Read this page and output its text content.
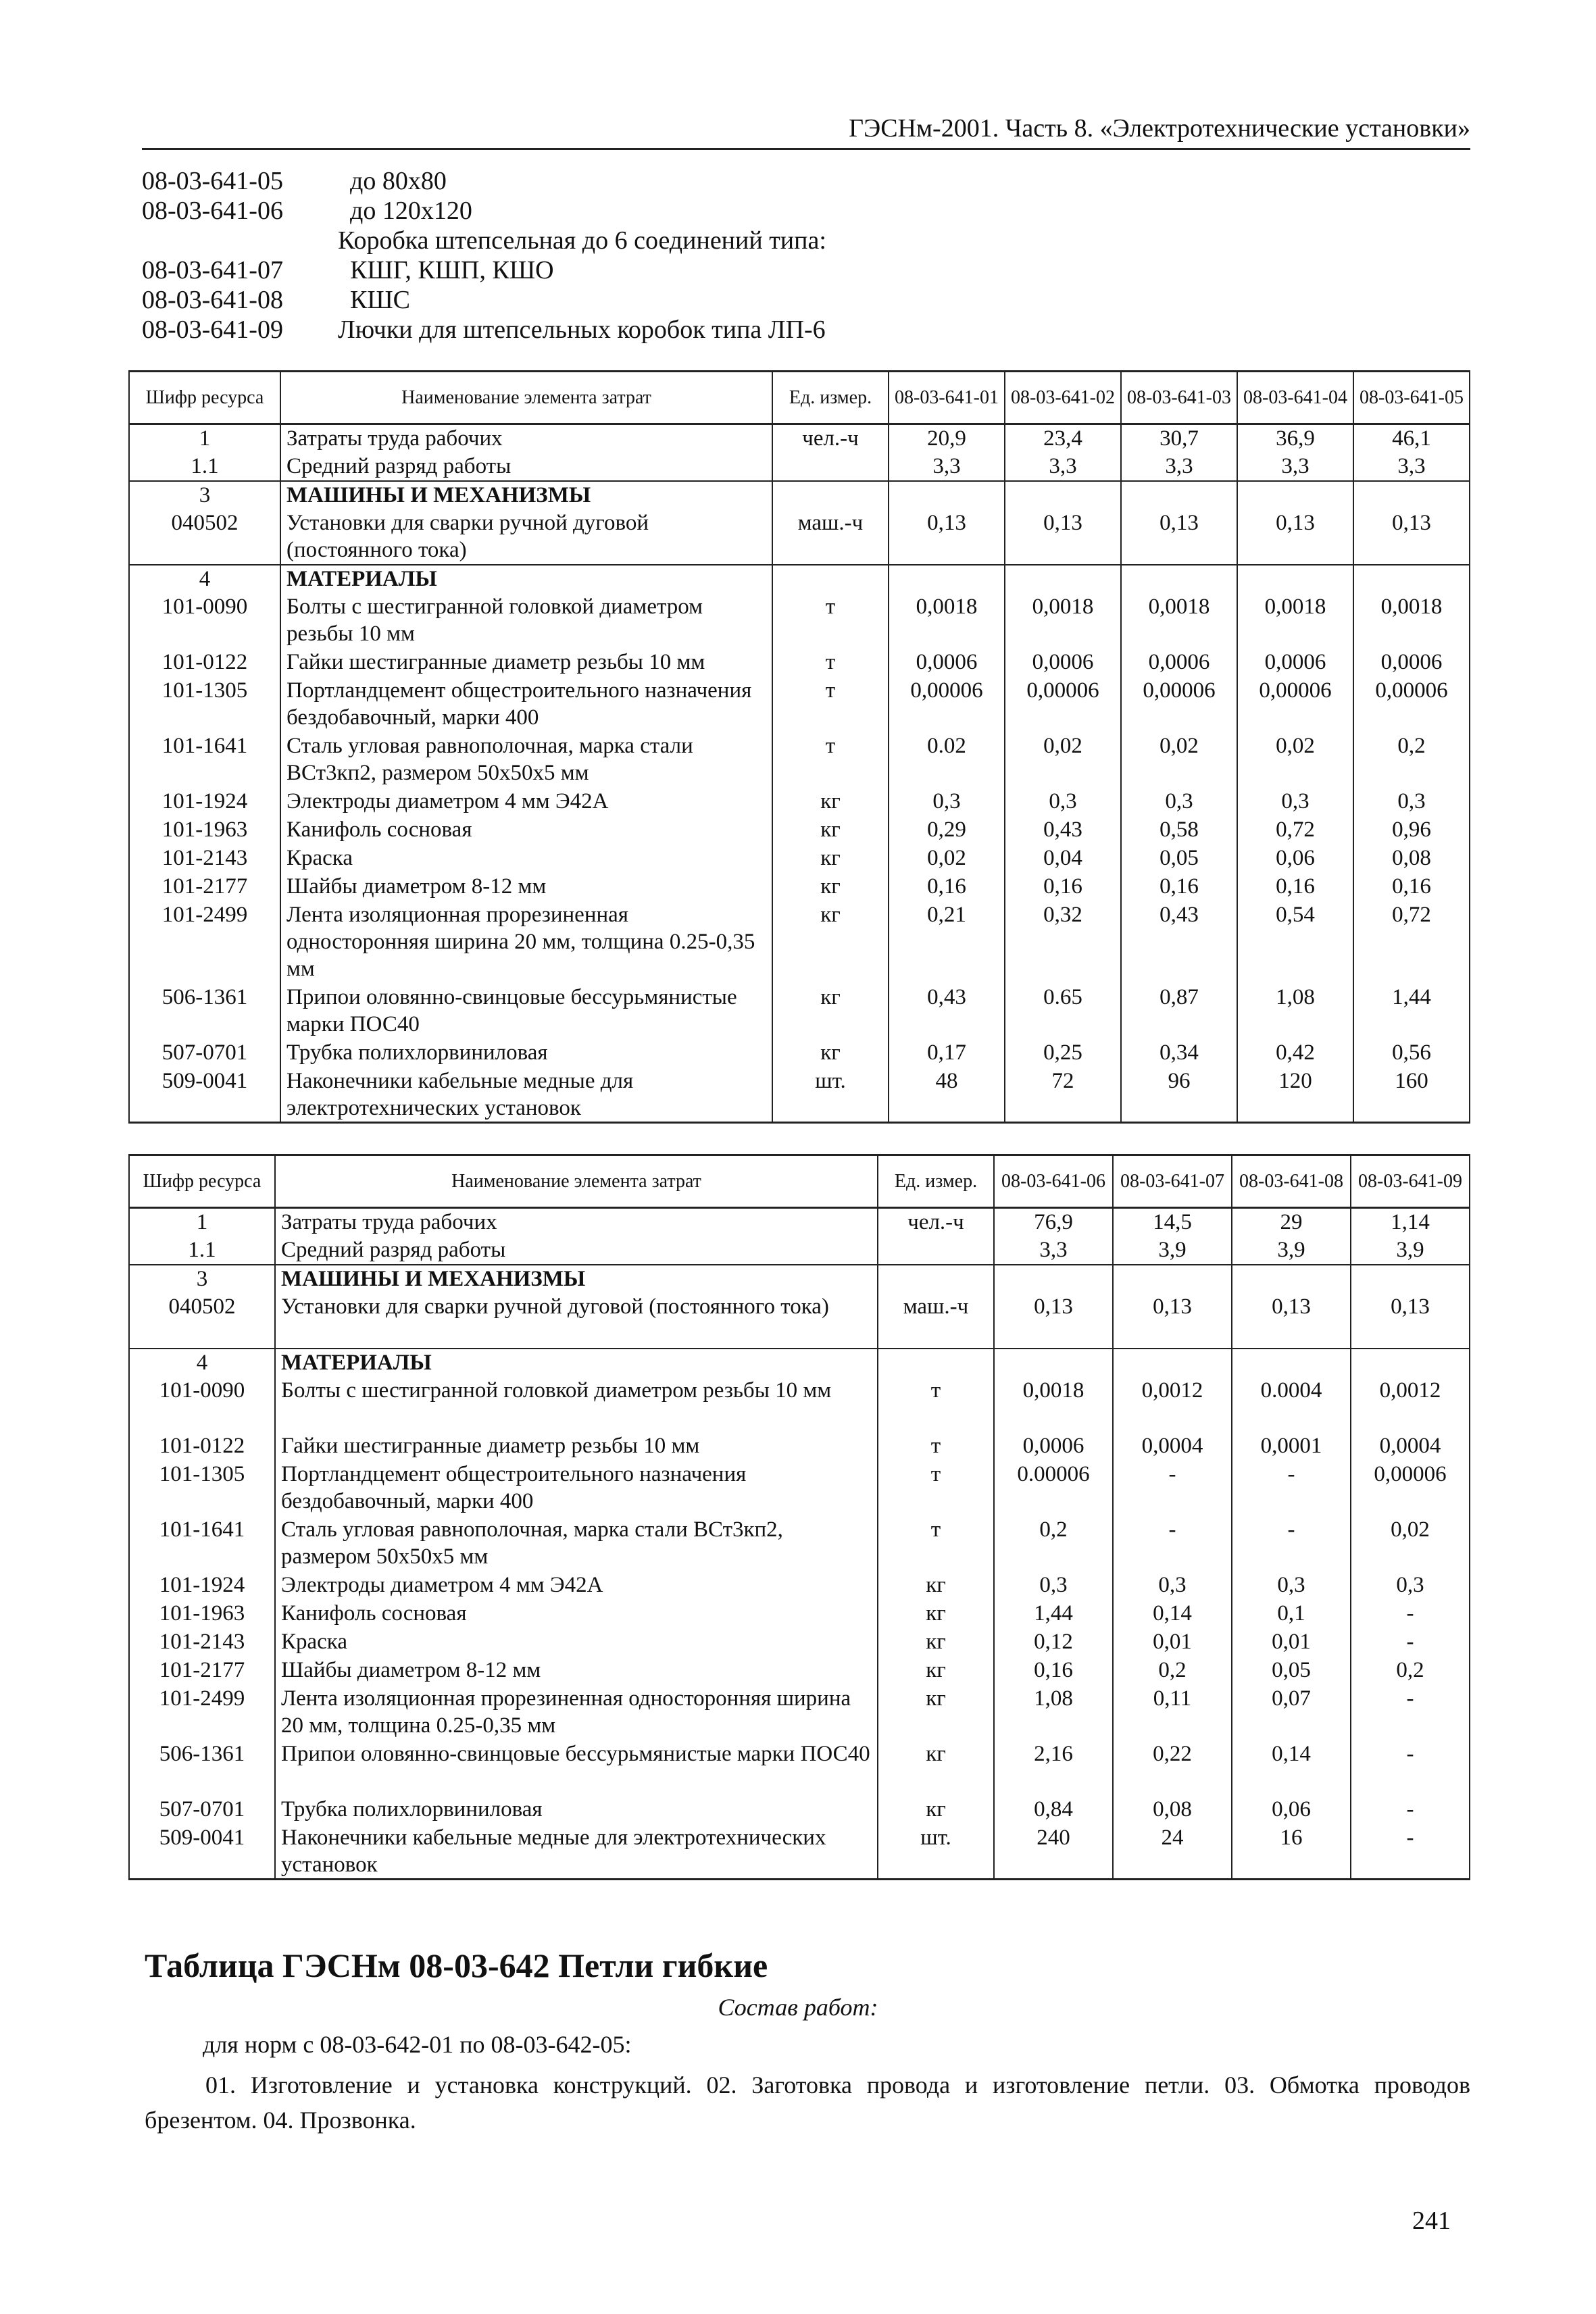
ГЭСНм-2001. Часть 8. «Электротехнические установки»
08-03-641-05	до 80x80
08-03-641-06	до 120x120
Коробка штепсельная до 6 соединений типа:
08-03-641-07	КШГ, КШП, КШО
08-03-641-08	КШС
08-03-641-09	Лючки для штепсельных коробок типа ЛП-6
Шифр ресурса	Наименование элемента затрат	Ед. измер.	08-03-641-01	08-03-641-02	08-03-641-03	08-03-641-04	08-03-641-05
1	Затраты труда рабочих	чел.-ч	20,9	23,4	30,7	36,9	46,1
1.1	Средний разряд работы		3,3	3,3	3,3	3,3	3,3
3	МАШИНЫ И МЕХАНИЗМЫ						
040502	Установки для сварки ручной дуговой (постоянного тока)	маш.-ч	0,13	0,13	0,13	0,13	0,13
4	МАТЕРИАЛЫ						
101-0090	Болты с шестигранной головкой диаметром резьбы 10 мм	т	0,0018	0,0018	0,0018	0,0018	0,0018
101-0122	Гайки шестигранные диаметр резьбы 10 мм	т	0,0006	0,0006	0,0006	0,0006	0,0006
101-1305	Портландцемент общестроительного назначения бездобавочный, марки 400	т	0,00006	0,00006	0,00006	0,00006	0,00006
101-1641	Сталь угловая равнополочная, марка стали ВСт3кп2, размером 50x50x5 мм	т	0.02	0,02	0,02	0,02	0,2
101-1924	Электроды диаметром 4 мм Э42А	кг	0,3	0,3	0,3	0,3	0,3
101-1963	Канифоль сосновая	кг	0,29	0,43	0,58	0,72	0,96
101-2143	Краска	кг	0,02	0,04	0,05	0,06	0,08
101-2177	Шайбы диаметром 8-12 мм	кг	0,16	0,16	0,16	0,16	0,16
101-2499	Лента изоляционная прорезиненная односторонняя ширина 20 мм, толщина 0.25-0,35 мм	кг	0,21	0,32	0,43	0,54	0,72
506-1361	Припои оловянно-свинцовые бессурьмянистые марки ПОС40	кг	0,43	0.65	0,87	1,08	1,44
507-0701	Трубка полихлорвиниловая	кг	0,17	0,25	0,34	0,42	0,56
509-0041	Наконечники кабельные медные для электротехнических установок	шт.	48	72	96	120	160
Шифр ресурса	Наименование элемента затрат	Ед. измер.	08-03-641-06	08-03-641-07	08-03-641-08	08-03-641-09
1	Затраты труда рабочих	чел.-ч	76,9	14,5	29	1,14
1.1	Средний разряд работы		3,3	3,9	3,9	3,9
3	МАШИНЫ И МЕХАНИЗМЫ					
040502	Установки для сварки ручной дуговой (постоянного тока)	маш.-ч	0,13	0,13	0,13	0,13
4	МАТЕРИАЛЫ					
101-0090	Болты с шестигранной головкой диаметром резьбы 10 мм	т	0,0018	0,0012	0.0004	0,0012
101-0122	Гайки шестигранные диаметр резьбы 10 мм	т	0,0006	0,0004	0,0001	0,0004
101-1305	Портландцемент общестроительного назначения бездобавочный, марки 400	т	0.00006	-	-	0,00006
101-1641	Сталь угловая равнополочная, марка стали ВСт3кп2, размером 50x50x5 мм	т	0,2	-	-	0,02
101-1924	Электроды диаметром 4 мм Э42А	кг	0,3	0,3	0,3	0,3
101-1963	Канифоль сосновая	кг	1,44	0,14	0,1	-
101-2143	Краска	кг	0,12	0,01	0,01	-
101-2177	Шайбы диаметром 8-12 мм	кг	0,16	0,2	0,05	0,2
101-2499	Лента изоляционная прорезиненная односторонняя ширина 20 мм, толщина 0.25-0,35 мм	кг	1,08	0,11	0,07	-
506-1361	Припои оловянно-свинцовые бессурьмянистые марки ПОС40	кг	2,16	0,22	0,14	-
507-0701	Трубка полихлорвиниловая	кг	0,84	0,08	0,06	-
509-0041	Наконечники кабельные медные для электротехнических установок	шт.	240	24	16	-
Таблица ГЭСНм 08-03-642 Петли гибкие
Состав работ:
для норм с 08-03-642-01 по 08-03-642-05:
01. Изготовление и установка конструкций. 02. Заготовка провода и изготовление петли. 03. Обмотка проводов брезентом. 04. Прозвонка.
241
